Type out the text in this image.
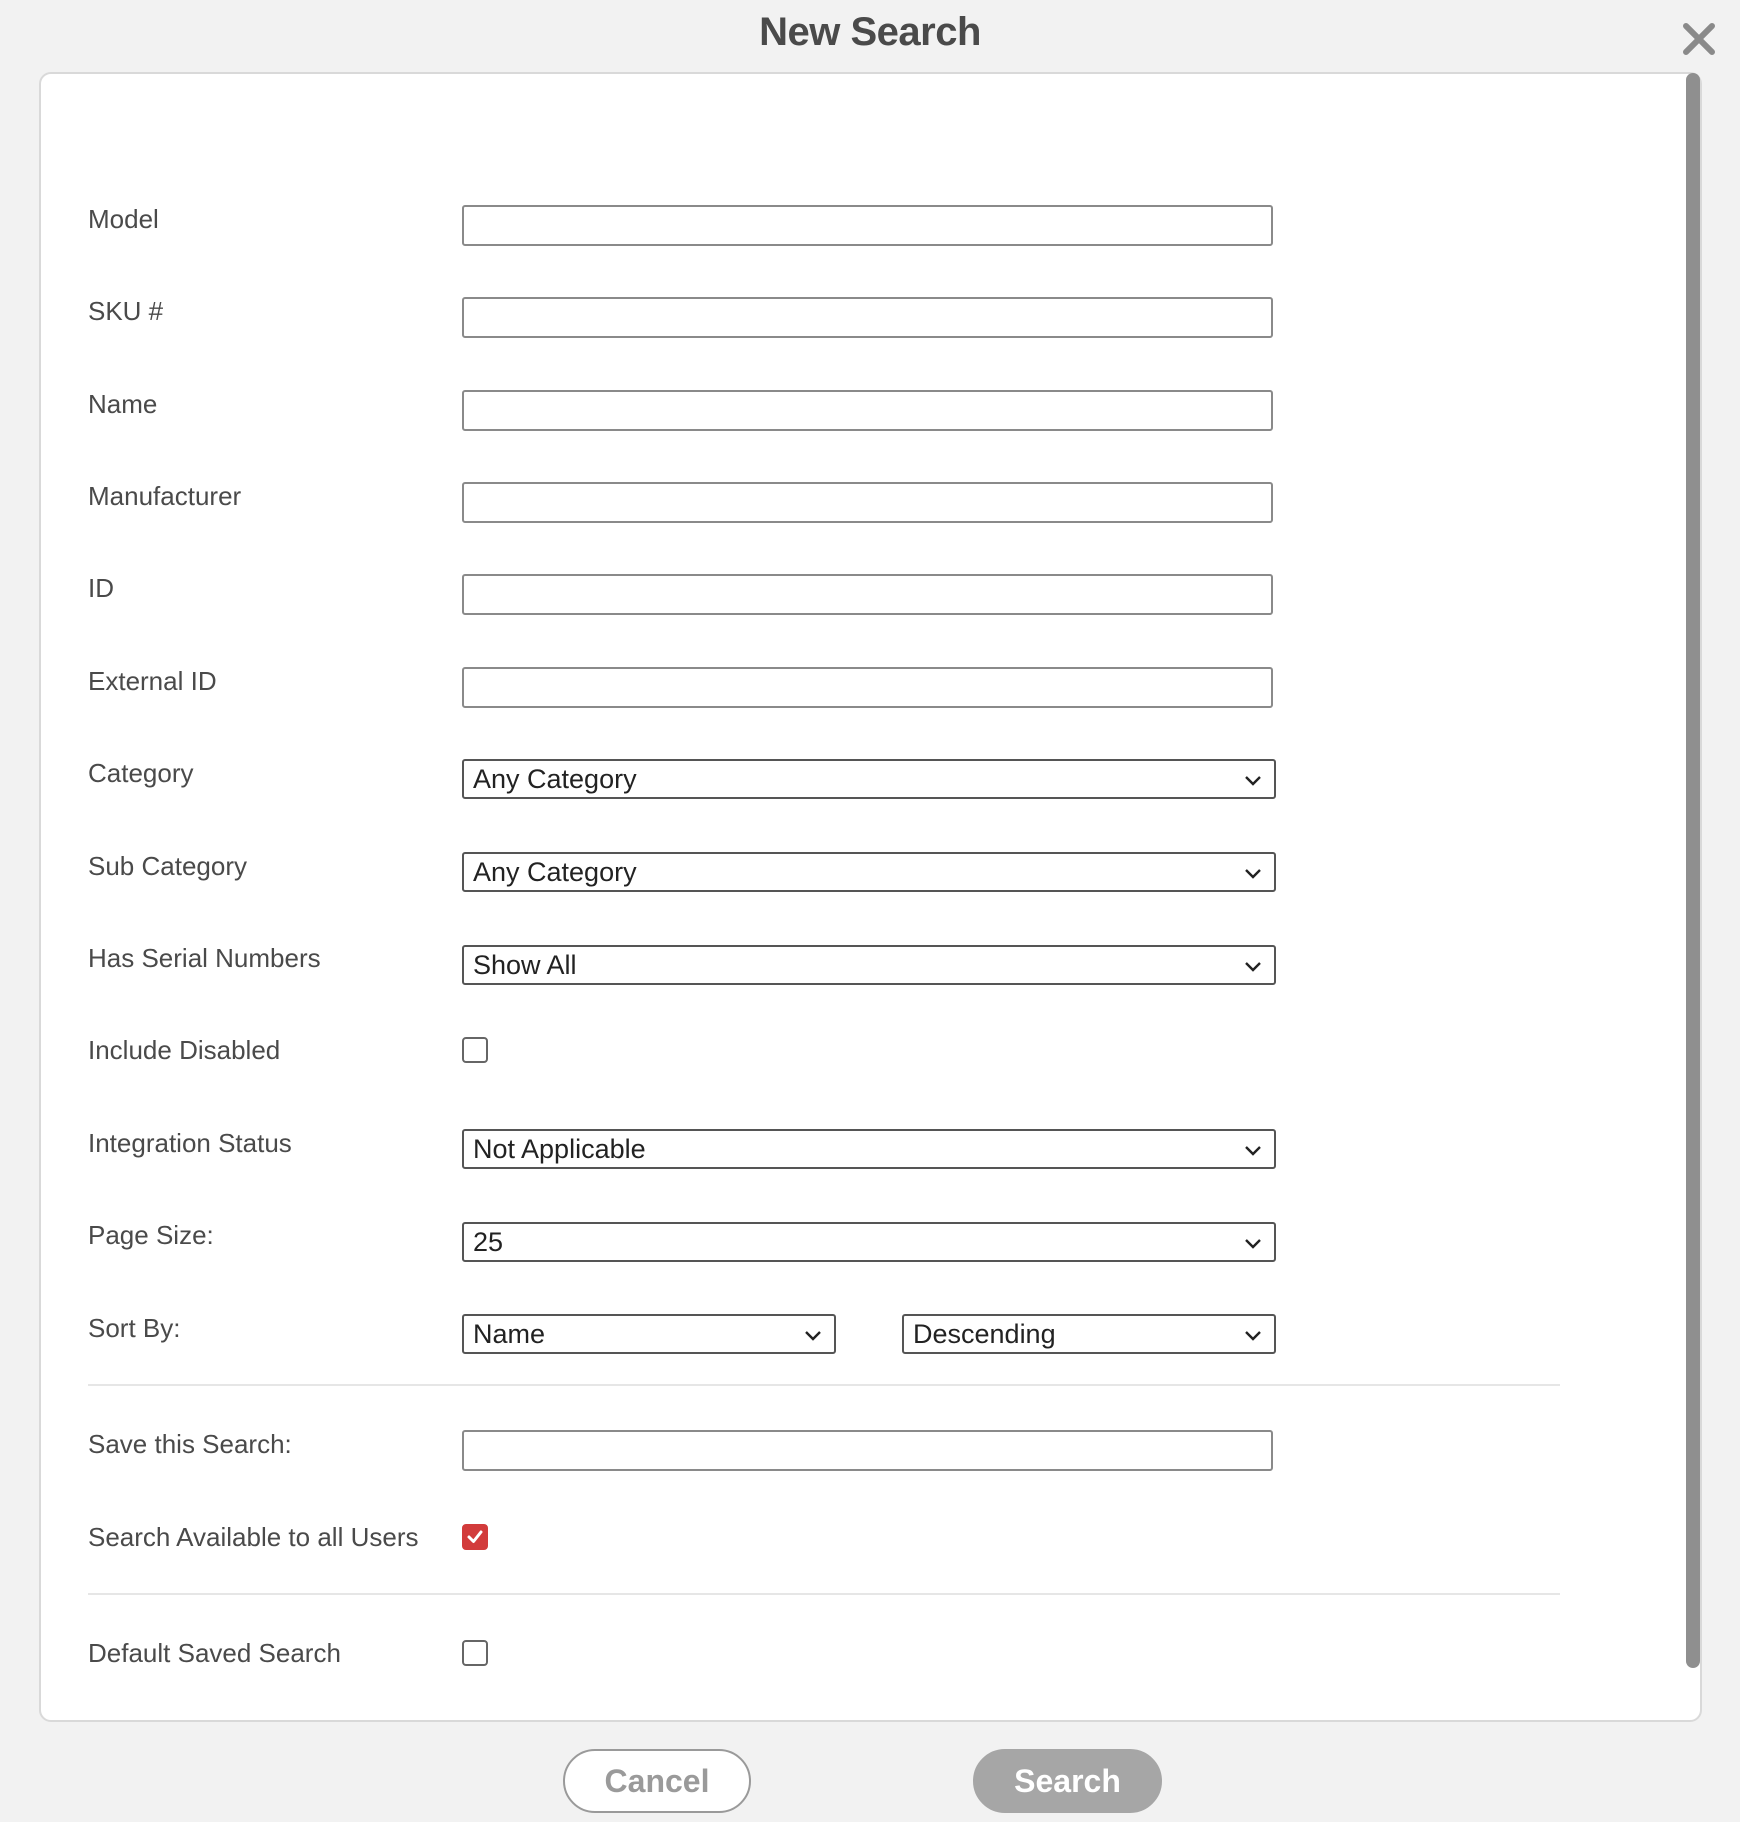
New Search
Model
SKU #
Name
Manufacturer
ID
External ID
Category	Any Category
Sub Category	Any Category
Has Serial Numbers	Show All
Include Disabled
Integration Status	Not Applicable
Page Size:	25
Sort By:	Name	Descending
Save this Search:
Search Available to all Users
Default Saved Search
Cancel	Search
